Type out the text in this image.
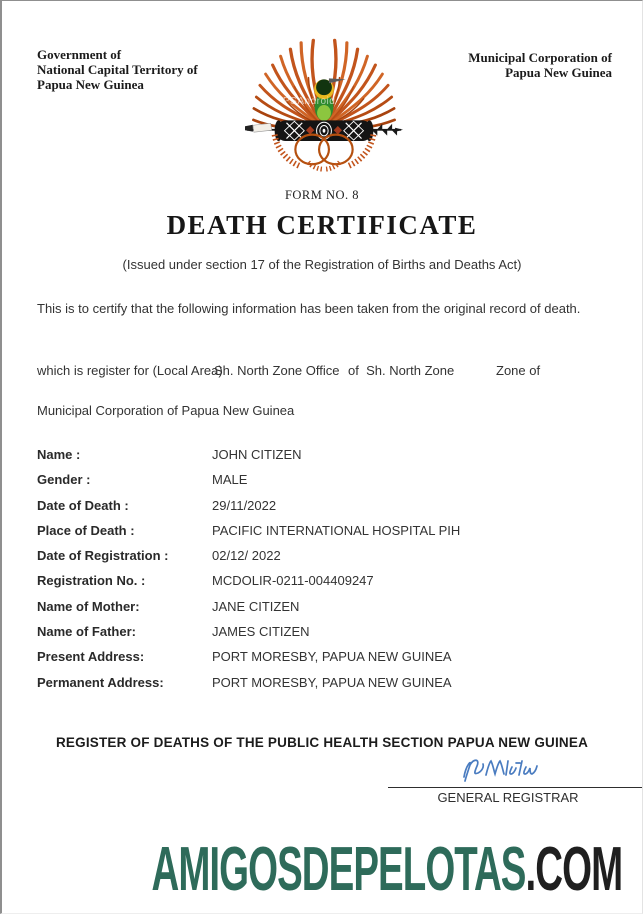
Government of
National Capital Territory of
Papua New Guinea
Municipal Corporation of
Papua New Guinea
PSAndroid
FORM NO. 8
DEATH CERTIFICATE
(Issued under section 17 of the Registration of Births and Deaths Act)
This is to certify that the following information has been taken from the original record of death.
which is register for (Local Area)
Sh. North Zone Office of  Sh. North Zone	Zone of
Municipal Corporation of Papua New Guinea
Name :	JOHN CITIZEN
Gender :	MALE
Date of Death :	29/11/2022
Place of Death :	PACIFIC INTERNATIONAL HOSPITAL PIH
Date of Registration :	02/12/ 2022
Registration No. :	MCDOLIR-0211-004409247
Name of Mother:	JANE CITIZEN
Name of Father:	JAMES CITIZEN
Present Address:	PORT MORESBY, PAPUA NEW GUINEA
Permanent Address:	PORT MORESBY, PAPUA NEW GUINEA
REGISTER OF DEATHS OF THE PUBLIC HEALTH SECTION PAPUA NEW GUINEA
GENERAL REGISTRAR
AMIGOSDEPELOTAS.COM
